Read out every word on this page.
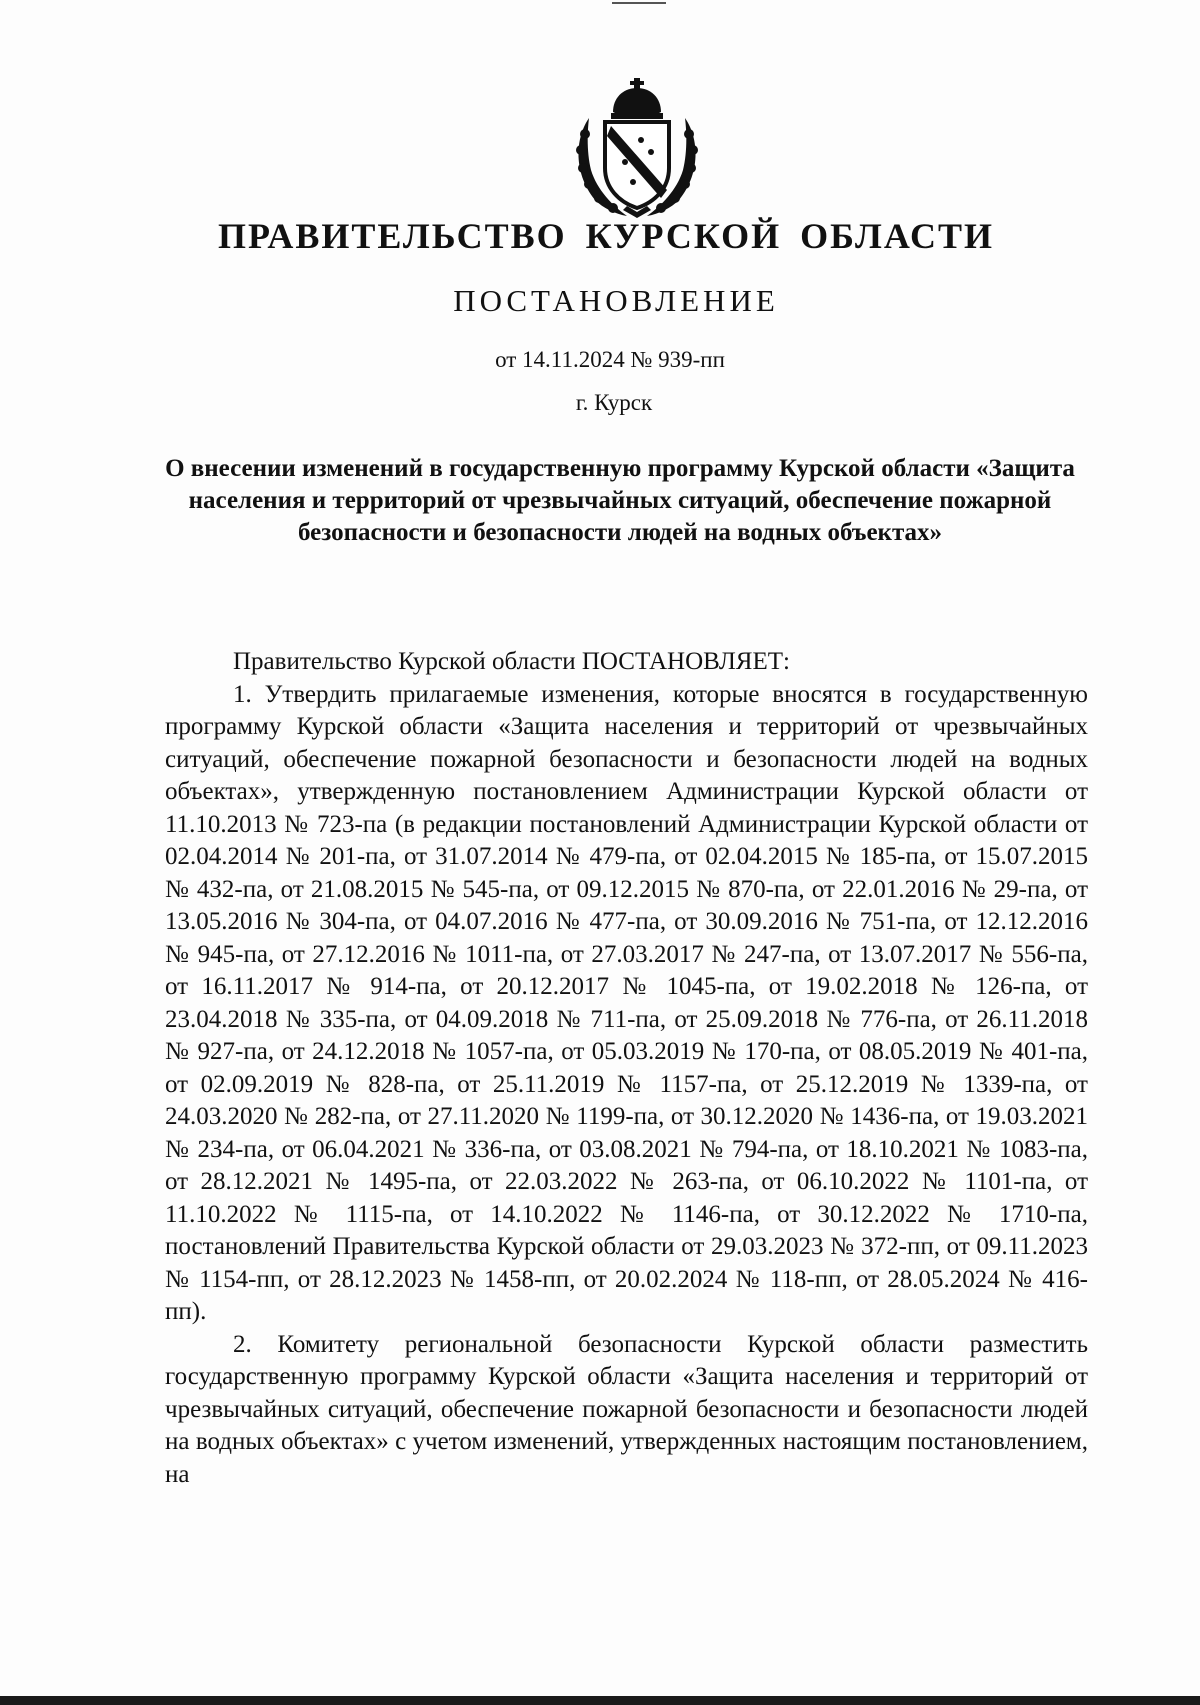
ПРАВИТЕЛЬСТВО КУРСКОЙ ОБЛАСТИ
ПОСТАНОВЛЕНИЕ
от 14.11.2024 № 939-пп
г. Курск
О внесении изменений в государственную программу Курской области «Защита населения и территорий от чрезвычайных ситуаций, обеспечение пожарной безопасности и безопасности людей на водных объектах»

Правительство Курской области ПОСТАНОВЛЯЕТ:

1. Утвердить прилагаемые изменения, которые вносятся в государственную программу Курской области «Защита населения и территорий от чрезвычайных ситуаций, обеспечение пожарной безопасности и безопасности людей на водных объектах», утвержденную постановлением Администрации Курской области от 11.10.2013 № 723-па (в редакции постановлений Администрации Курской области от 02.04.2014 № 201-па, от 31.07.2014 № 479-па, от 02.04.2015 № 185-па, от 15.07.2015 № 432-па, от 21.08.2015 № 545-па, от 09.12.2015 № 870-па, от 22.01.2016 № 29-па, от 13.05.2016 № 304-па, от 04.07.2016 № 477-па, от 30.09.2016 № 751-па, от 12.12.2016 № 945-па, от 27.12.2016 № 1011-па, от 27.03.2017 № 247-па, от 13.07.2017 № 556-па, от 16.11.2017 № 914-па, от 20.12.2017 № 1045-па, от 19.02.2018 № 126-па, от 23.04.2018 № 335-па, от 04.09.2018 № 711-па, от 25.09.2018 № 776-па, от 26.11.2018 № 927-па, от 24.12.2018 № 1057-па, от 05.03.2019 № 170-па, от 08.05.2019 № 401-па, от 02.09.2019 № 828-па, от 25.11.2019 № 1157-па, от 25.12.2019 № 1339-па, от 24.03.2020 № 282-па, от 27.11.2020 № 1199-па, от 30.12.2020 № 1436-па, от 19.03.2021 № 234-па, от 06.04.2021 № 336-па, от 03.08.2021 № 794-па, от 18.10.2021 № 1083-па, от 28.12.2021 № 1495-па, от 22.03.2022 № 263-па, от 06.10.2022 № 1101-па, от 11.10.2022 № 1115-па, от 14.10.2022 № 1146-па, от 30.12.2022 № 1710-па, постановлений Правительства Курской области от 29.03.2023 № 372-пп, от 09.11.2023 № 1154-пп, от 28.12.2023 № 1458-пп, от 20.02.2024 № 118-пп, от 28.05.2024 № 416-пп).

2. Комитету региональной безопасности Курской области разместить государственную программу Курской области «Защита населения и территорий от чрезвычайных ситуаций, обеспечение пожарной безопасности и безопасности людей на водных объектах» с учетом изменений, утвержденных настоящим постановлением, на
